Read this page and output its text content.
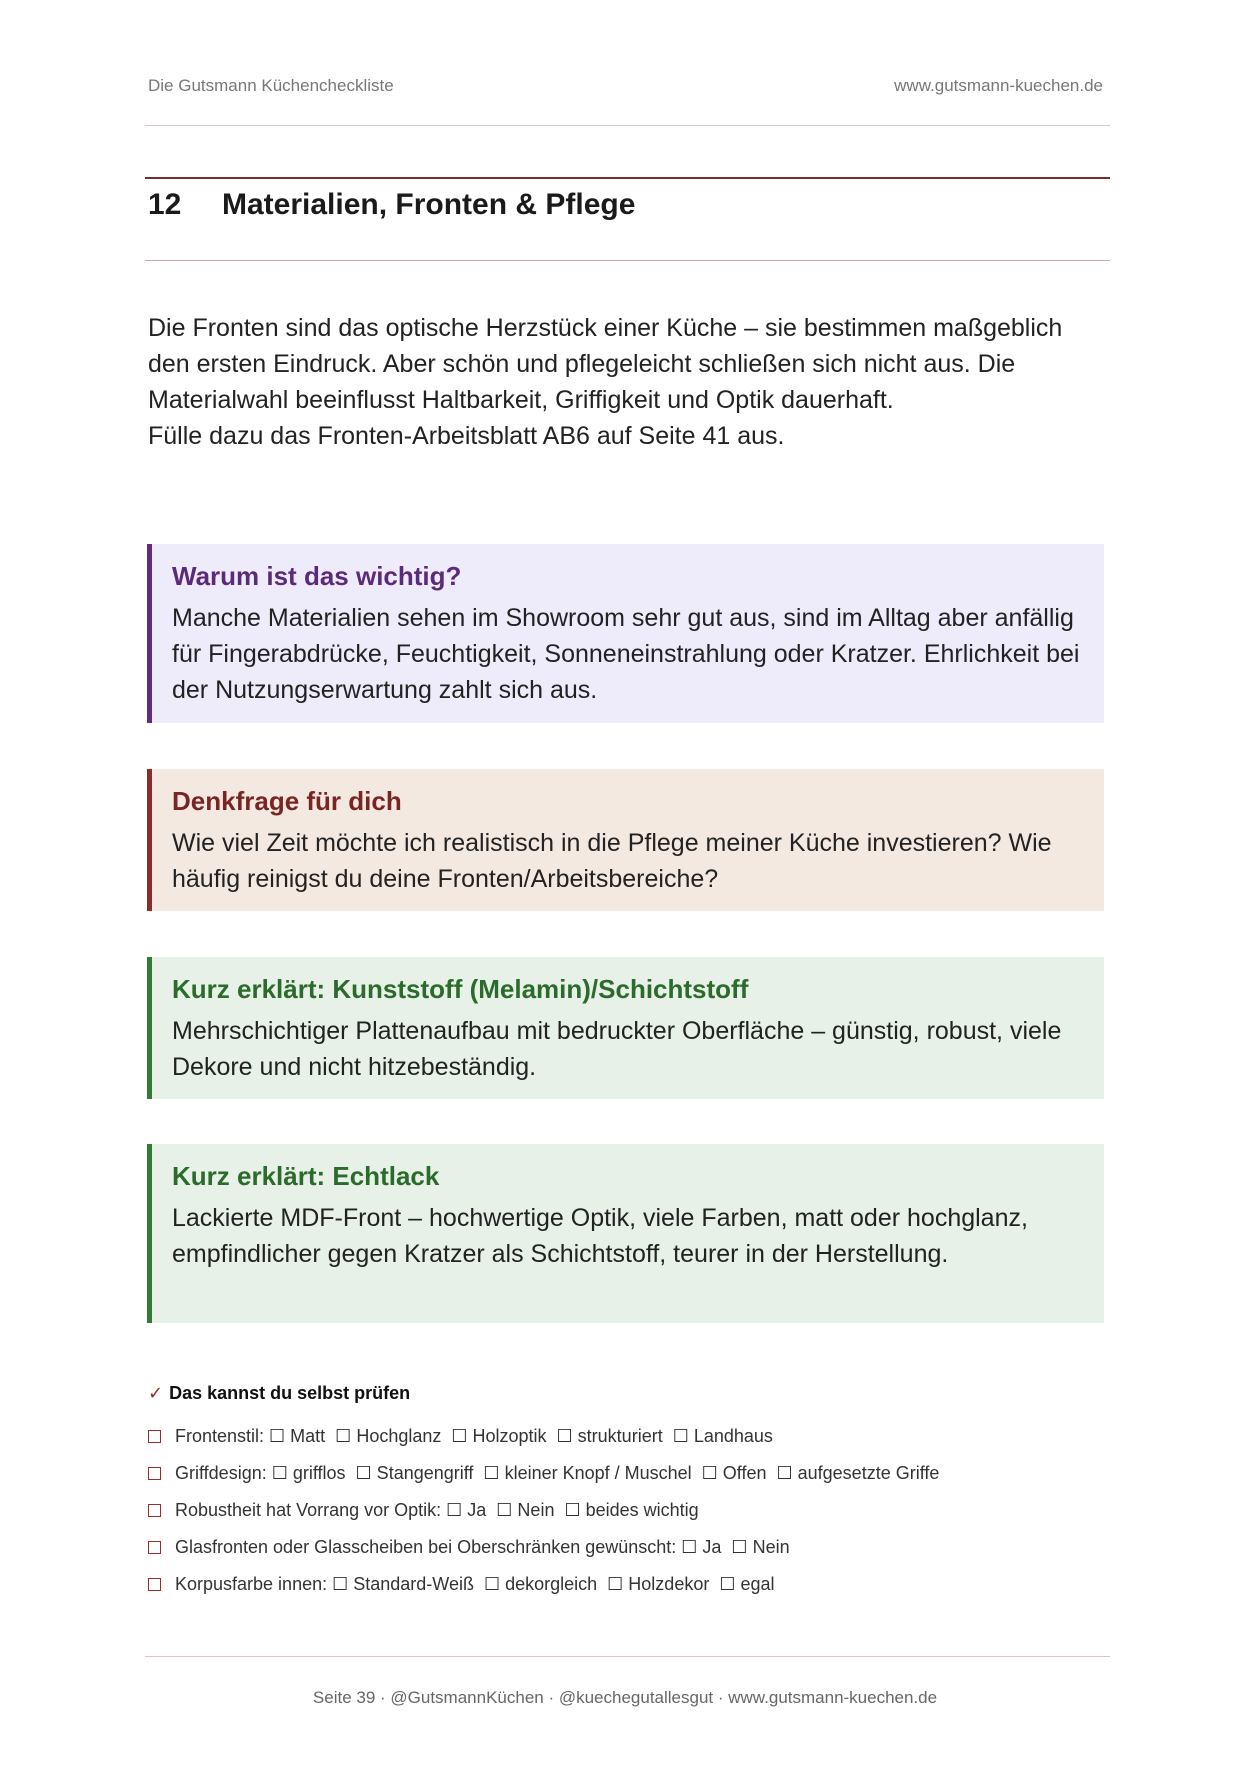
Die Gutsmann Küchencheckliste	www.gutsmann-kuechen.de
12 Materialien, Fronten & Pflege
Die Fronten sind das optische Herzstück einer Küche – sie bestimmen maßgeblich den ersten Eindruck. Aber schön und pflegeleicht schließen sich nicht aus. Die Materialwahl beeinflusst Haltbarkeit, Griffigkeit und Optik dauerhaft.
Fülle dazu das Fronten-Arbeitsblatt AB6 auf Seite 41 aus.
Warum ist das wichtig?
Manche Materialien sehen im Showroom sehr gut aus, sind im Alltag aber anfällig für Fingerabdrücke, Feuchtigkeit, Sonneneinstrahlung oder Kratzer. Ehrlichkeit bei der Nutzungserwartung zahlt sich aus.
Denkfrage für dich
Wie viel Zeit möchte ich realistisch in die Pflege meiner Küche investieren? Wie häufig reinigst du deine Fronten/Arbeitsbereiche?
Kurz erklärt: Kunststoff (Melamin)/Schichtstoff
Mehrschichtiger Plattenaufbau mit bedruckter Oberfläche – günstig, robust, viele Dekore und nicht hitzebeständig.
Kurz erklärt: Echtlack
Lackierte MDF-Front – hochwertige Optik, viele Farben, matt oder hochglanz, empfindlicher gegen Kratzer als Schichtstoff, teurer in der Herstellung.
✓ Das kannst du selbst prüfen
Frontenstil: ☐ Matt  ☐ Hochglanz  ☐ Holzoptik  ☐ strukturiert  ☐ Landhaus
Griffdesign: ☐ grifflos  ☐ Stangengriff  ☐ kleiner Knopf / Muschel  ☐ Offen  ☐ aufgesetzte Griffe
Robustheit hat Vorrang vor Optik: ☐ Ja  ☐ Nein  ☐ beides wichtig
Glasfronten oder Glasscheiben bei Oberschränken gewünscht: ☐ Ja  ☐ Nein
Korpusfarbe innen: ☐ Standard-Weiß  ☐ dekorgleich  ☐ Holzdekor  ☐ egal
Seite 39 · @GutsmannKüchen · @kuechegutallesgut · www.gutsmann-kuechen.de
